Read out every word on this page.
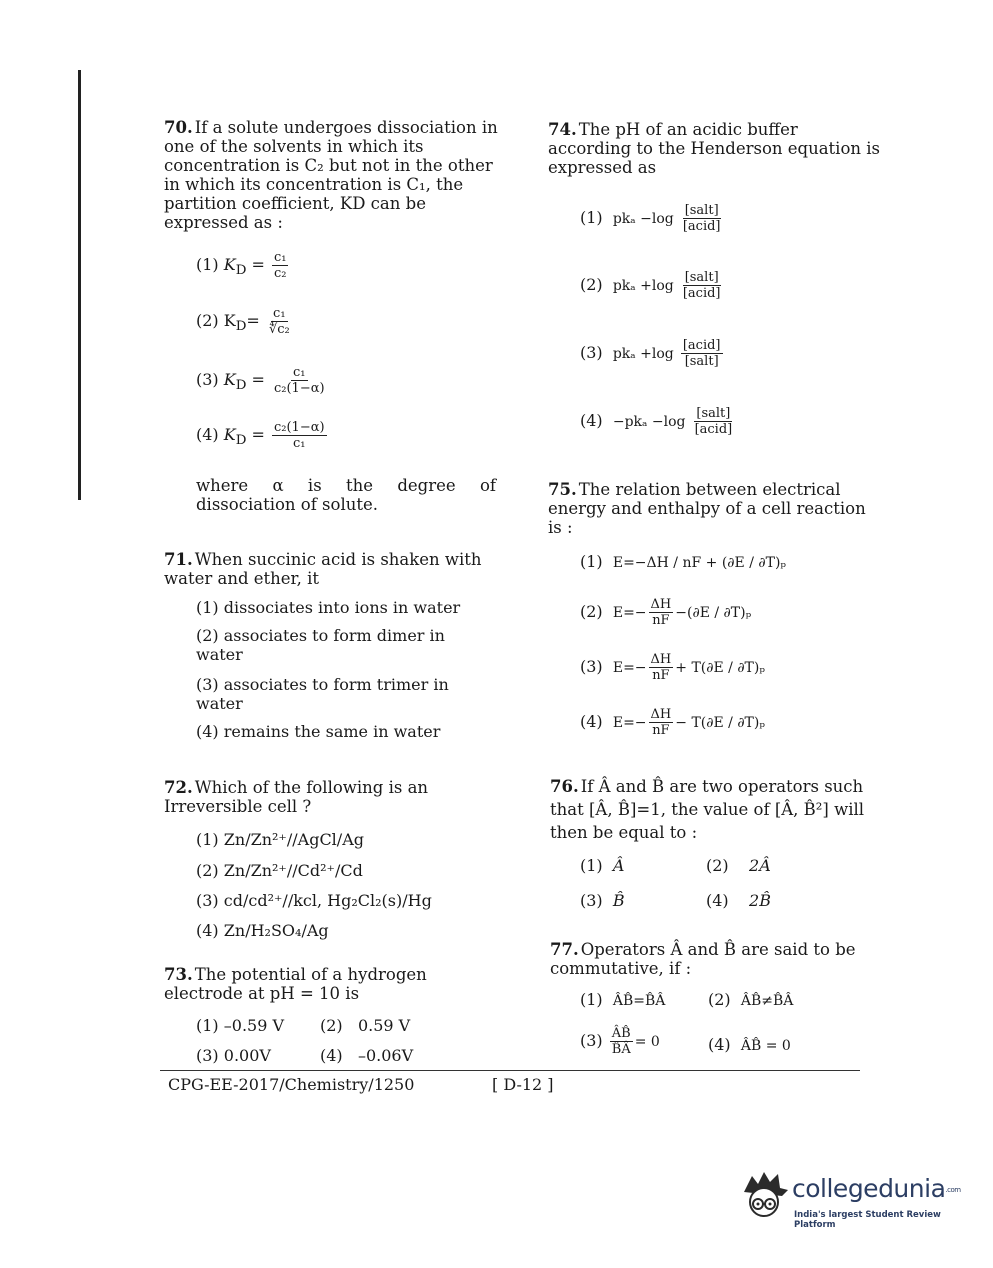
70. If a solute undergoes dissociation in one of the solvents in which its concentration is C₂ but not in the other in which its concentration is C₁, the partition coefficient, KD can be expressed as :
(1) $K_D = \frac{\text{c₁}}{\text{c₂}}$
(2) $K_D= \frac{\text{c₁}}{\text{∜c₂}}$
(3) $K_D = \frac{\text{c₁}}{\text{c₂(1−α)}}$
(4) $K_D = \frac{\text{c₂(1−α)}}{\text{c₁}}$
where α is the degree of dissociation of solute.
71. When succinic acid is shaken with water and ether, it
(1) dissociates into ions in water
(2) associates to form dimer in water
(3) associates to form trimer in water
(4) remains the same in water
72. Which of the following is an Irreversible cell ?
(1) Zn/Zn²⁺//AgCl/Ag
(2) Zn/Zn²⁺//Cd²⁺/Cd
(3) cd/cd²⁺//kcl, Hg₂Cl₂(s)/Hg
(4) Zn/H₂SO₄/Ag
73. The potential of a hydrogen electrode at pH = 10 is
(1) –0.59 V (2) 0.59 V
(3) 0.00V	(4) –0.06V
74. The pH of an acidic buffer according to the Henderson equation is expressed as
(1) $pk_a -\log \frac{\text{[salt]}}{\text{[acid]}}$
(2) $pk_a +\log \frac{\text{[salt]}}{\text{[acid]}}$
(3) $pk_a +\log \frac{\text{[acid]}}{\text{[salt]}}$
$(4) -pk_a -\log \frac{\text{[salt]}}{\text{[acid]}}$
75. The relation between electrical energy and enthalpy of a cell reaction is :
(1) E=−ΔH / nF + (∂E / ∂T)ₚ
(2) $E=- \frac{\Delta H}{nF} -(\partial E / \partial T)_p$
(3) $E=- \frac{\Delta H}{nF} + T(\partial E / \partial T)_p$
(4) $E=- \frac{\Delta H}{nF} - T(\partial E / \partial T)_p$
76. If Â and B̂ are two operators such that [Â, B̂]=1, the value of [Â, B̂²] will then be equal to :
(1) Â	(2) 2Â
(3) B̂	(4) 2B̂
77. Operators Â and B̂ are said to be commutative, if :
(1) ÂB̂=B̂Â	(2) ÂB̂≠B̂Â
$(3) \frac{ÂB̂}{B̂Â} = 0$	(4) ÂB̂ = 0
CPG-EE-2017/Chemistry/1250	[ D-12 ]
collegedunia.com
India's largest Student Review Platform
